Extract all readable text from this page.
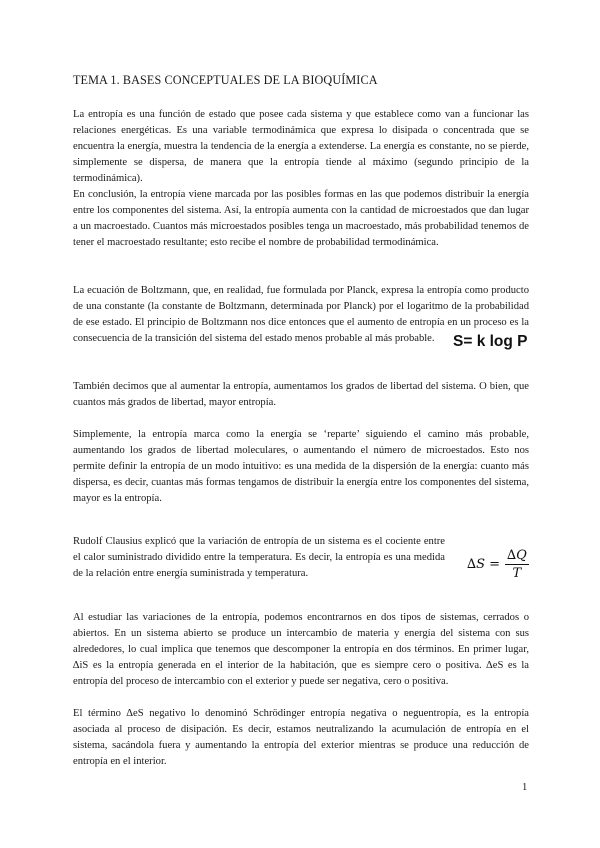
TEMA 1. BASES CONCEPTUALES DE LA BIOQUÍMICA

La entropía es una función de estado que posee cada sistema y que establece como van a funcionar las relaciones energéticas. Es una variable termodinámica que expresa lo disipada o concentrada que se encuentra la energía, muestra la tendencia de la energía a extenderse. La energía es constante, no se pierde, simplemente se dispersa, de manera que la entropía tiende al máximo (segundo principio de la termodinámica).

En conclusión, la entropía viene marcada por las posibles formas en las que podemos distribuir la energía entre los componentes del sistema. Así, la entropía aumenta con la cantidad de microestados que dan lugar a un macroestado. Cuantos más microestados posibles tenga un macroestado, más probabilidad tenemos de tener el macroestado resultante; esto recibe el nombre de probabilidad termodinámica.

La ecuación de Boltzmann, que, en realidad, fue formulada por Planck, expresa la entropía como producto de una constante (la constante de Boltzmann, determinada por Planck) por el logaritmo de la probabilidad de ese estado. El principio de Boltzmann nos dice entonces que el aumento de entropía en un proceso es la consecuencia de la transición del sistema del estado menos probable al más probable.	S= k log P

También decimos que al aumentar la entropía, aumentamos los grados de libertad del sistema. O bien, que cuantos más grados de libertad, mayor entropía.

Simplemente, la entropía marca como la energía se ‘reparte’ siguiendo el camino más probable, aumentando los grados de libertad moleculares, o aumentando el número de microestados. Esto nos permite definir la entropía de un modo intuitivo: es una medida de la dispersión de la energía: cuanto más dispersa, es decir, cuantas más formas tengamos de distribuir la energía entre los componentes del sistema, mayor es la entropía.

Rudolf Clausius explicó que la variación de entropía de un sistema es el cociente entre el calor suministrado dividido entre la temperatura. Es decir, la entropía es una medida de la relación entre energía suministrada y temperatura.

$\Delta S = \frac{\Delta Q}{T}$

Al estudiar las variaciones de la entropía, podemos encontrarnos en dos tipos de sistemas, cerrados o abiertos. En un sistema abierto se produce un intercambio de materia y energía del sistema con sus alrededores, lo cual implica que tenemos que descomponer la entropía en dos términos. En primer lugar, ∆iS es la entropía generada en el interior de la habitación, que es siempre cero o positiva. ∆eS es la entropía del proceso de intercambio con el exterior y puede ser negativa, cero o positiva.

El término ∆eS negativo lo denominó Schrödinger entropía negativa o neguentropía, es la entropía asociada al proceso de disipación. Es decir, estamos neutralizando la acumulación de entropía en el sistema, sacándola fuera y aumentando la entropía del exterior mientras se produce una reducción de entropía en el interior.

1
